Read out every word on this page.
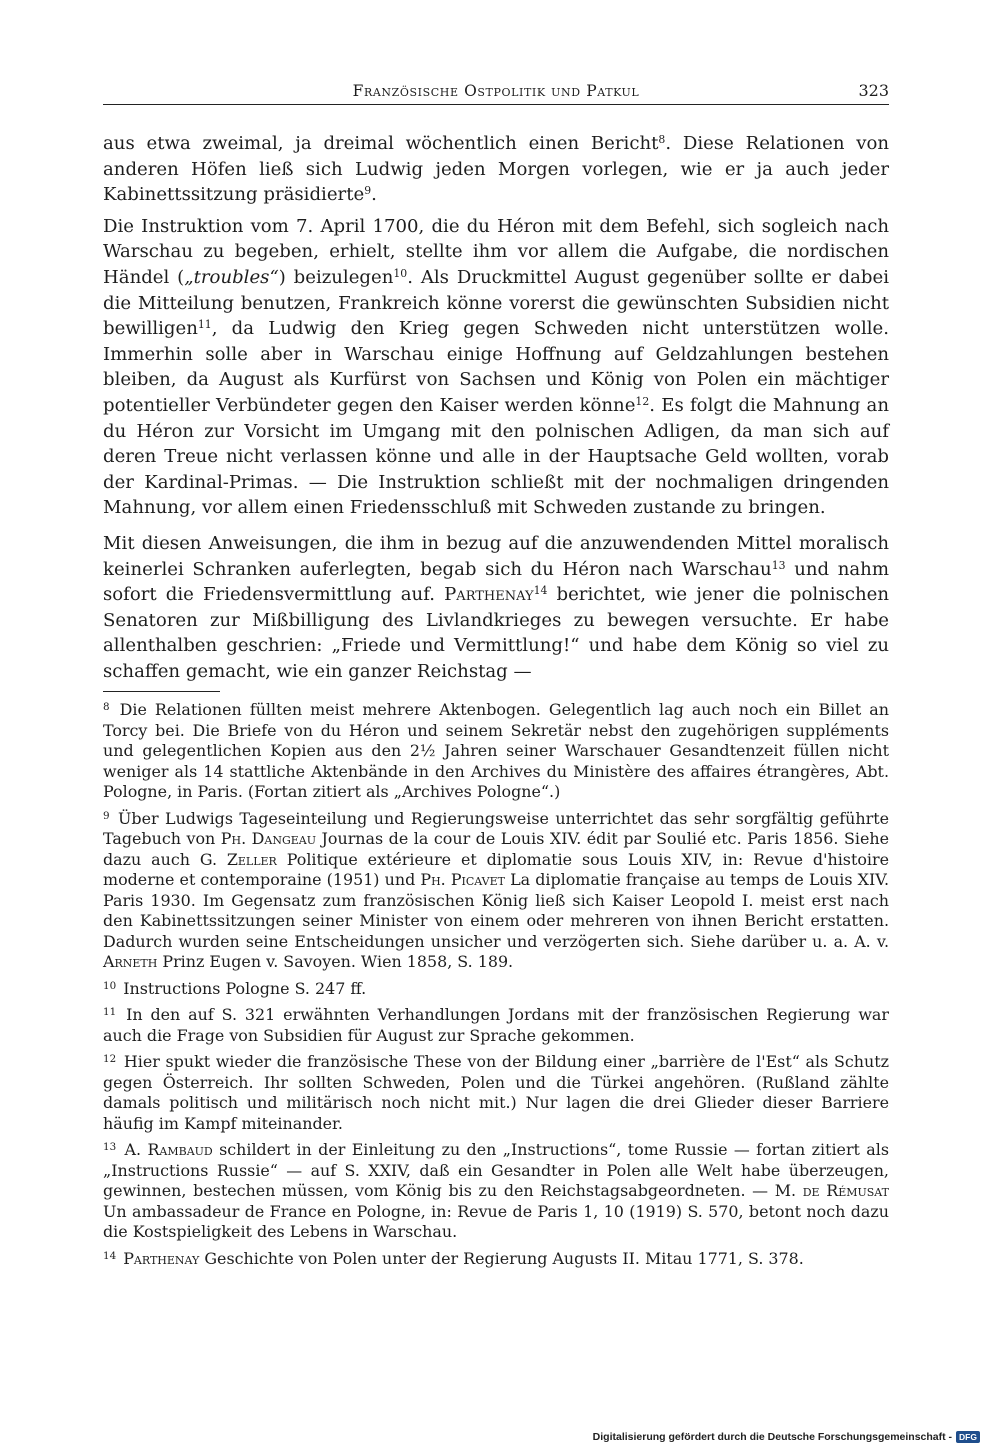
Französische Ostpolitik und Patkul	323

aus etwa zweimal, ja dreimal wöchentlich einen Bericht$^8$. Diese Relationen von anderen Höfen ließ sich Ludwig jeden Morgen vorlegen, wie er ja auch jeder Kabinettssitzung präsidierte$^9$.

Die Instruktion vom 7. April 1700, die du Héron mit dem Befehl, sich sogleich nach Warschau zu begeben, erhielt, stellte ihm vor allem die Aufgabe, die nordischen Händel („troubles“) beizulegen$^{10}$. Als Druckmittel August gegenüber sollte er dabei die Mitteilung benutzen, Frankreich könne vorerst die gewünschten Subsidien nicht bewilligen$^{11}$, da Ludwig den Krieg gegen Schweden nicht unterstützen wolle. Immerhin solle aber in Warschau einige Hoffnung auf Geldzahlungen bestehen bleiben, da August als Kurfürst von Sachsen und König von Polen ein mächtiger potentieller Verbündeter gegen den Kaiser werden könne$^{12}$. Es folgt die Mahnung an du Héron zur Vorsicht im Umgang mit den polnischen Adligen, da man sich auf deren Treue nicht verlassen könne und alle in der Hauptsache Geld wollten, vorab der Kardinal-Primas. — Die Instruktion schließt mit der nochmaligen dringenden Mahnung, vor allem einen Friedensschluß mit Schweden zustande zu bringen.

Mit diesen Anweisungen, die ihm in bezug auf die anzuwendenden Mittel moralisch keinerlei Schranken auferlegten, begab sich du Héron nach Warschau$^{13}$ und nahm sofort die Friedensvermittlung auf. Parthenay$^{14}$ berichtet, wie jener die polnischen Senatoren zur Mißbilligung des Livlandkrieges zu bewegen versuchte. Er habe allenthalben geschrien: „Friede und Vermittlung!“ und habe dem König so viel zu schaffen gemacht, wie ein ganzer Reichstag —

$^8$ Die Relationen füllten meist mehrere Aktenbogen. Gelegentlich lag auch noch ein Billet an Torcy bei. Die Briefe von du Héron und seinem Sekretär nebst den zugehörigen suppléments und gelegentlichen Kopien aus den 2½ Jahren seiner Warschauer Gesandtenzeit füllen nicht weniger als 14 stattliche Aktenbände in den Archives du Ministère des affaires étrangères, Abt. Pologne, in Paris. (Fortan zitiert als „Archives Pologne“.)

$^9$ Über Ludwigs Tageseinteilung und Regierungsweise unterrichtet das sehr sorgfältig geführte Tagebuch von Ph. Dangeau Journas de la cour de Louis XIV. édit par Soulié etc. Paris 1856. Siehe dazu auch G. Zeller Politique extérieure et diplomatie sous Louis XIV, in: Revue d'histoire moderne et contemporaine (1951) und Ph. Picavet La diplomatie française au temps de Louis XIV. Paris 1930. Im Gegensatz zum französischen König ließ sich Kaiser Leopold I. meist erst nach den Kabinettssitzungen seiner Minister von einem oder mehreren von ihnen Bericht erstatten. Dadurch wurden seine Entscheidungen unsicher und verzögerten sich. Siehe darüber u. a. A. v. Arneth Prinz Eugen v. Savoyen. Wien 1858, S. 189.

$^{10}$ Instructions Pologne S. 247 ff.

$^{11}$ In den auf S. 321 erwähnten Verhandlungen Jordans mit der französischen Regierung war auch die Frage von Subsidien für August zur Sprache gekommen.

$^{12}$ Hier spukt wieder die französische These von der Bildung einer „barrière de l'Est“ als Schutz gegen Österreich. Ihr sollten Schweden, Polen und die Türkei angehören. (Rußland zählte damals politisch und militärisch noch nicht mit.) Nur lagen die drei Glieder dieser Barriere häufig im Kampf miteinander.

$^{13}$ A. Rambaud schildert in der Einleitung zu den „Instructions“, tome Russie — fortan zitiert als „Instructions Russie“ — auf S. XXIV, daß ein Gesandter in Polen alle Welt habe überzeugen, gewinnen, bestechen müssen, vom König bis zu den Reichstagsabgeordneten. — M. de Rémusat Un ambassadeur de France en Pologne, in: Revue de Paris 1, 10 (1919) S. 570, betont noch dazu die Kostspieligkeit des Lebens in Warschau.

$^{14}$ Parthenay Geschichte von Polen unter der Regierung Augusts II. Mitau 1771, S. 378.

Digitalisierung gefördert durch die Deutsche Forschungsgemeinschaft - DFG
